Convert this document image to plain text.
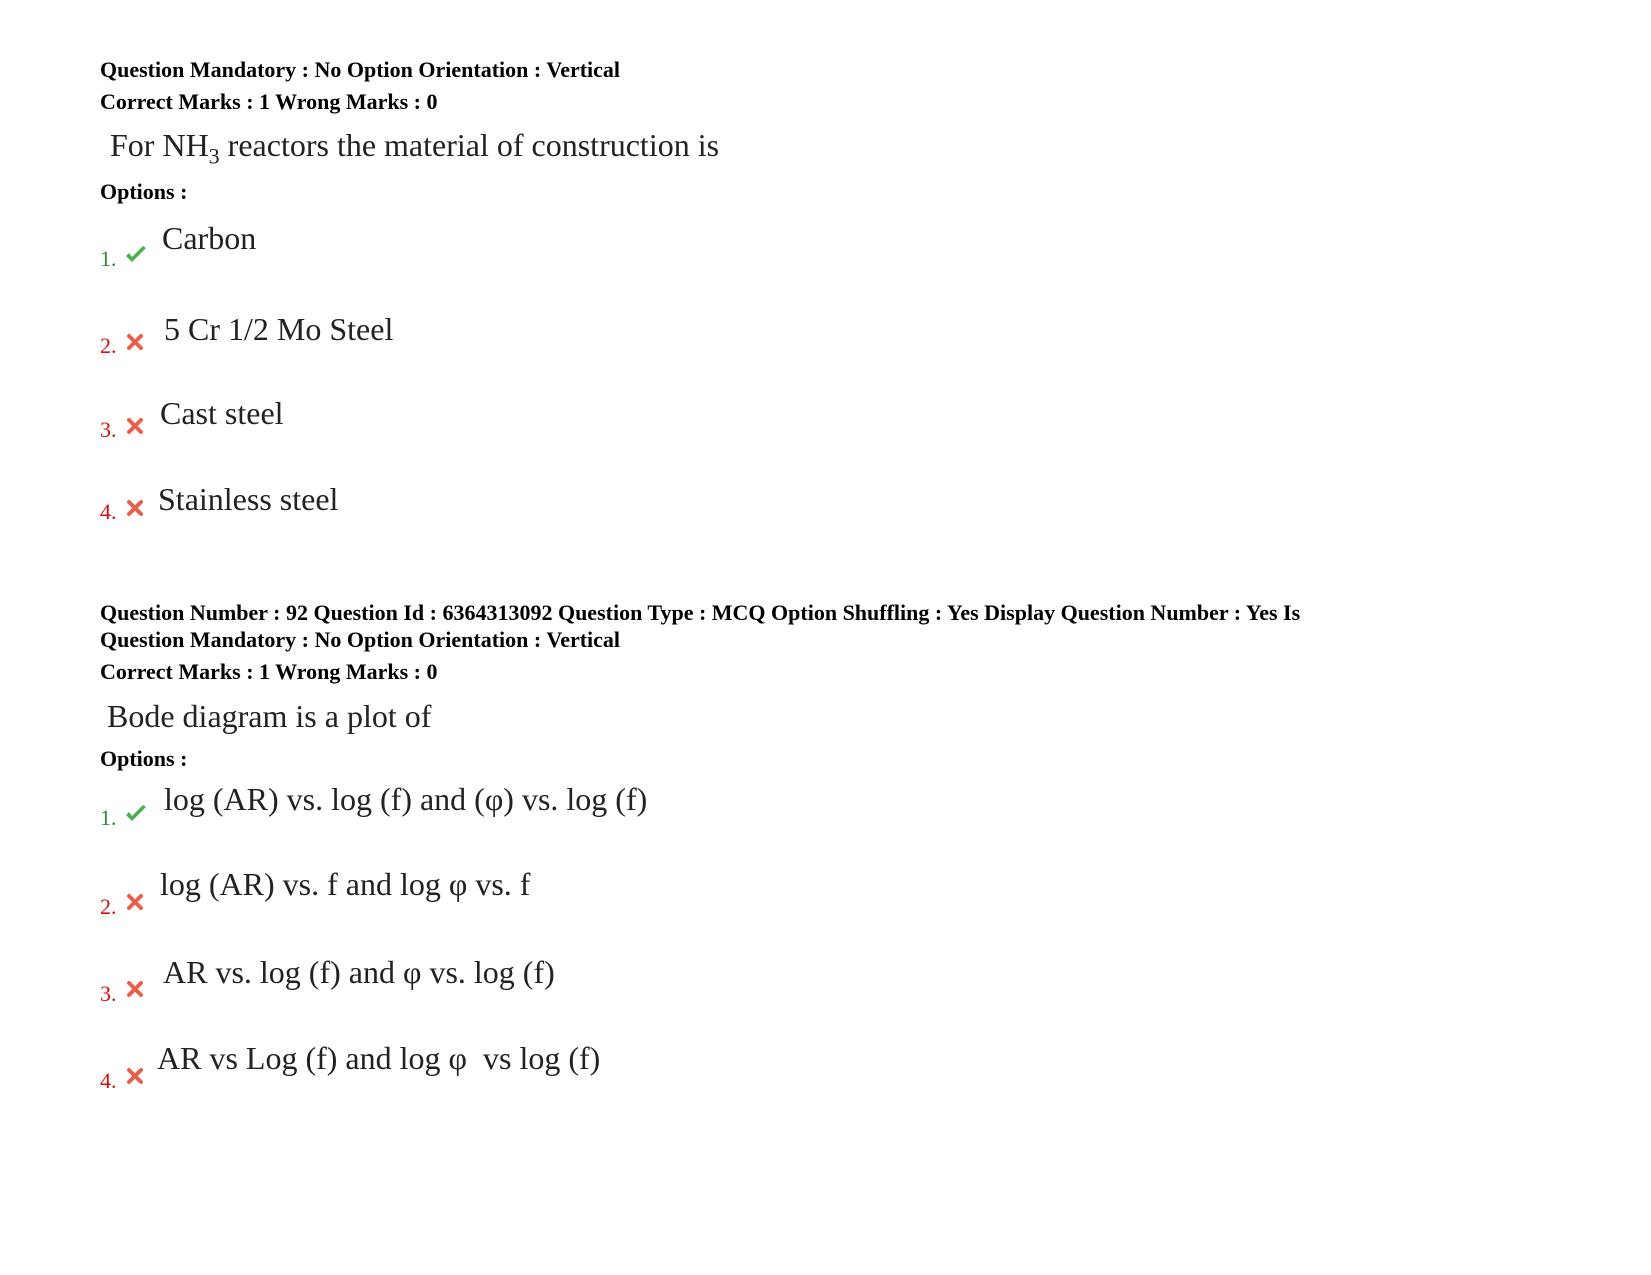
Question Mandatory : No Option Orientation : Vertical
Correct Marks : 1 Wrong Marks : 0
For $NH_3$ reactors the material of construction is
Options :
1.
Carbon
2. 5 Cr 1/2 Mo Steel
3. Cast steel
4. Stainless steel
Question Number : 92 Question Id : 6364313092 Question Type : MCQ Option Shuffling : Yes Display Question Number : Yes Is
Question Mandatory : No Option Orientation : Vertical
Correct Marks : 1 Wrong Marks : 0
Bode diagram is a plot of
Options :
1.
log (AR) vs. log (f) and (φ) vs. log (f)
2.
log (AR) vs. f and log φ vs. f
3.
AR vs. log (f) and φ vs. log (f)
4.
AR vs Log (f) and log φ  vs log (f)
